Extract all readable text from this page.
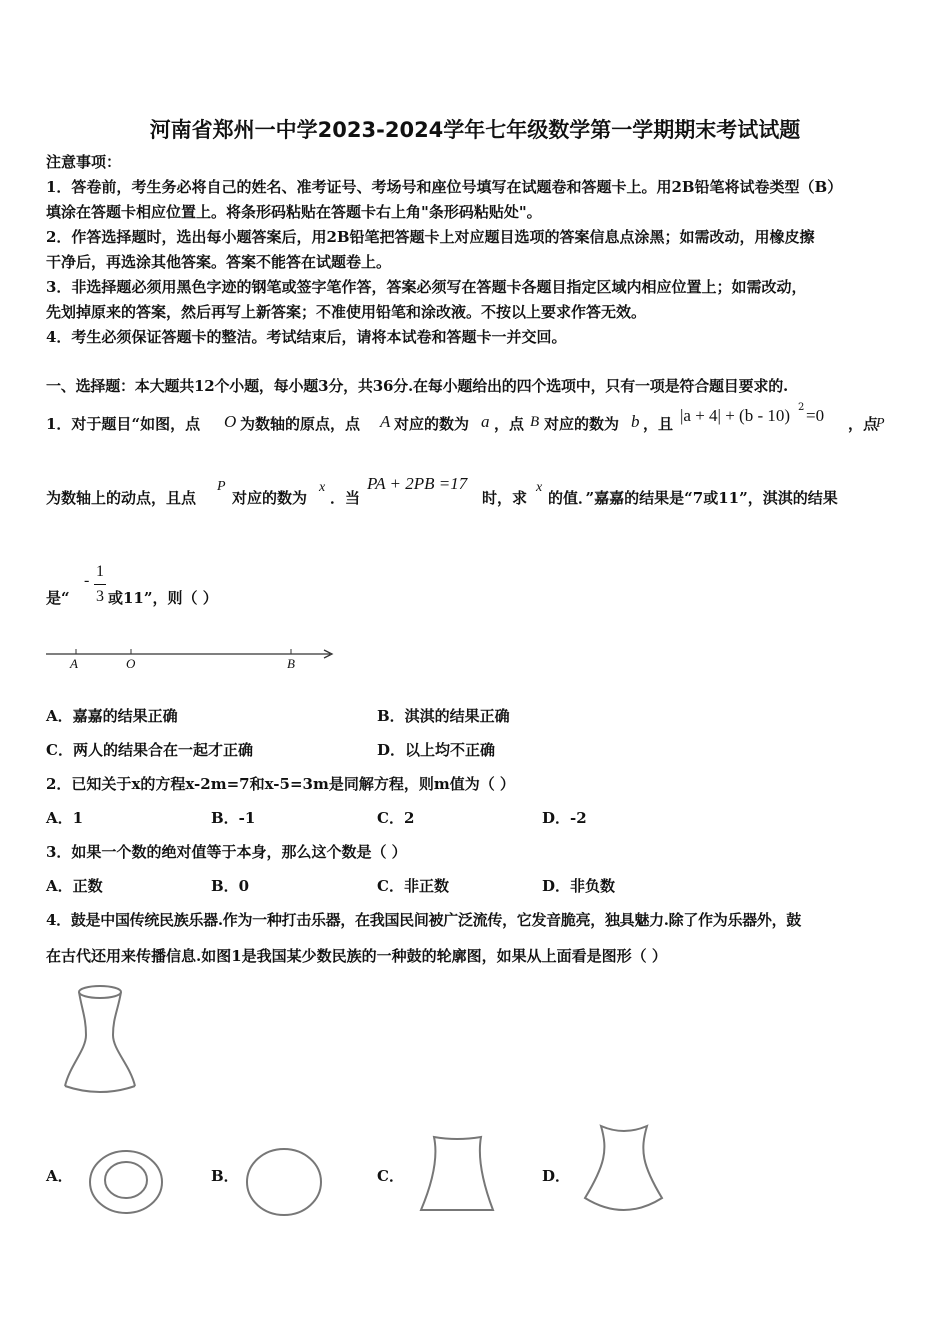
河南省郑州一中学2023-2024学年七年级数学第一学期期末考试试题
注意事项：
1．答卷前，考生务必将自己的姓名、准考证号、考场号和座位号填写在试题卷和答题卡上。用2B铅笔将试卷类型（B）
填涂在答题卡相应位置上。将条形码粘贴在答题卡右上角"条形码粘贴处"。
2．作答选择题时，选出每小题答案后，用2B铅笔把答题卡上对应题目选项的答案信息点涂黑；如需改动，用橡皮擦
干净后，再选涂其他答案。答案不能答在试题卷上。
3．非选择题必须用黑色字迹的钢笔或签字笔作答，答案必须写在答题卡各题目指定区域内相应位置上；如需改动，
先划掉原来的答案，然后再写上新答案；不准使用铅笔和涂改液。不按以上要求作答无效。
4．考生必须保证答题卡的整洁。考试结束后，请将本试卷和答题卡一并交回。
一、选择题：本大题共12个小题，每小题3分，共36分.在每小题给出的四个选项中，只有一项是符合题目要求的.
1．对于题目“如图，点 O 为数轴的原点，点 A 对应的数为 a ，点 B 对应的数为 b ，且 |a + 4| + (b - 10) 2 =0 ，点
P
为数轴上的动点，且点
P
对应的数为
x
．当
PA + 2PB =17
时，求
x
的值．”嘉嘉的结果是“7或11”，淇淇的结果
是“
-
1
3 或11”，则（ ）
A	O	B
A．嘉嘉的结果正确	B．淇淇的结果正确
C．两人的结果合在一起才正确	D．以上均不正确
2．已知关于x的方程x-2m=7和x-5=3m是同解方程，则m值为（ ）
A．1	B．-1	C．2	D．-2
3．如果一个数的绝对值等于本身，那么这个数是（ ）
A．正数	B．0	C．非正数	D．非负数
4．鼓是中国传统民族乐器.作为一种打击乐器，在我国民间被广泛流传，它发音脆亮，独具魅力.除了作为乐器外，鼓
在古代还用来传播信息.如图1是我国某少数民族的一种鼓的轮廓图，如果从上面看是图形（ ）
A．	B．	C．	D．
